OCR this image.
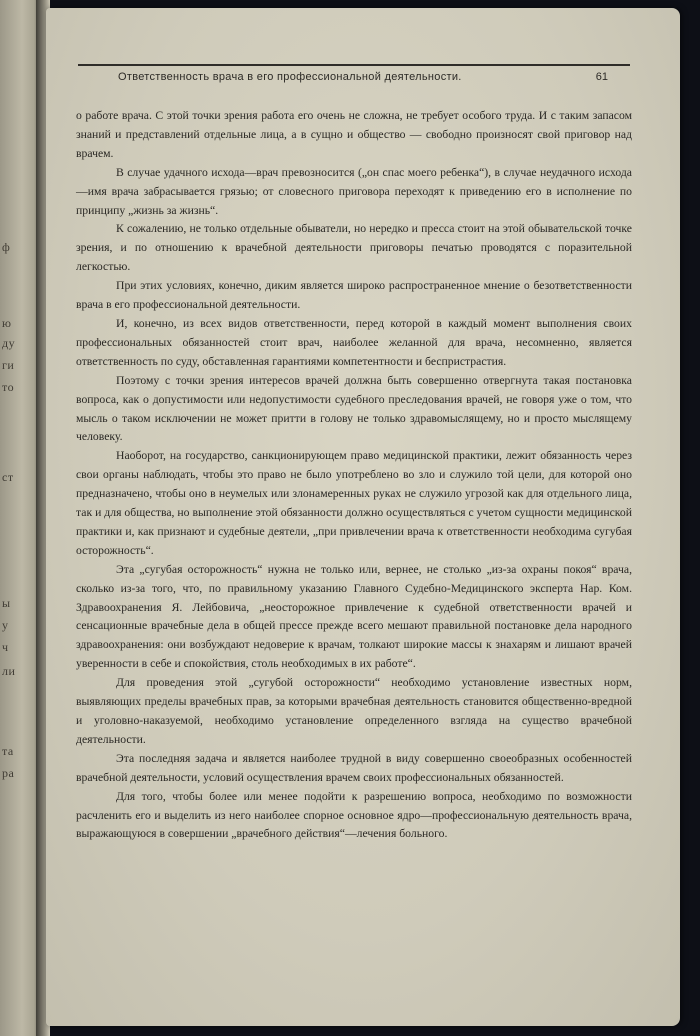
ф
ю
ду
ги
то
ст
ы
у
ч
ли
та
ра
Ответственность врача в его профессиональной деятельности.	61

о работе врача. С этой точки зрения работа его очень не сложна, не требует особого труда. И с таким запасом знаний и представлений отдельные лица, а в сущно и общество — свободно произносят свой приговор над врачем.

В случае удачного исхода—врач превозносится („он спас моего ребенка“), в случае неудачного исхода—имя врача забрасывается грязью; от словесного приговора переходят к приведению его в исполнение по принципу „жизнь за жизнь“.

К сожалению, не только отдельные обыватели, но нередко и пресса стоит на этой обывательской точке зрения, и по отношению к врачебной деятельности приговоры печатью проводятся с поразительной легкостью.

При этих условиях, конечно, диким является широко распространенное мнение о безответственности врача в его профессиональной деятельности.

И, конечно, из всех видов ответственности, перед которой в каждый момент выполнения своих профессиональных обязанностей стоит врач, наиболее желанной для врача, несомненно, является ответственность по суду, обставленная гарантиями компетентности и беспристрастия.

Поэтому с точки зрения интересов врачей должна быть совершенно отвергнута такая постановка вопроса, как о допустимости или недопустимости судебного преследования врачей, не говоря уже о том, что мысль о таком исключении не может притти в голову не только здравомыслящему, но и просто мыслящему человеку.

Наоборот, на государство, санкционирующем право медицинской практики, лежит обязанность через свои органы наблюдать, чтобы это право не было употреблено во зло и служило той цели, для которой оно предназначено, чтобы оно в неумелых или злонамеренных руках не служило угрозой как для отдельного лица, так и для общества, но выполнение этой обязанности должно осуществляться с учетом сущности медицинской практики и, как признают и судебные деятели, „при привлечении врача к ответственности необходима сугубая осторожность“.

Эта „сугубая осторожность“ нужна не только или, вернее, не столько „из-за охраны покоя“ врача, сколько из-за того, что, по правильному указанию Главного Судебно-Медицинского эксперта Нар. Ком. Здравоохранения Я. Лейбовича, „неосторожное привлечение к судебной ответственности врачей и сенсационные врачебные дела в общей прессе прежде всего мешают правильной постановке дела народного здравоохранения: они возбуждают недоверие к врачам, толкают широкие массы к знахарям и лишают врачей уверенности в себе и спокойствия, столь необходимых в их работе“.

Для проведения этой „сугубой осторожности“ необходимо установление известных норм, выявляющих пределы врачебных прав, за которыми врачебная деятельность становится общественно-вредной и уголовно-наказуемой, необходимо установление определенного взгляда на существо врачебной деятельности.

Эта последняя задача и является наиболее трудной в виду совершенно своеобразных особенностей врачебной деятельности, условий осуществления врачем своих профессиональных обязанностей.

Для того, чтобы более или менее подойти к разрешению вопроса, необходимо по возможности расчленить его и выделить из него наиболее спорное основное ядро—профессиональную деятельность врача, выражающуюся в совершении „врачебного действия“—лечения больного.
